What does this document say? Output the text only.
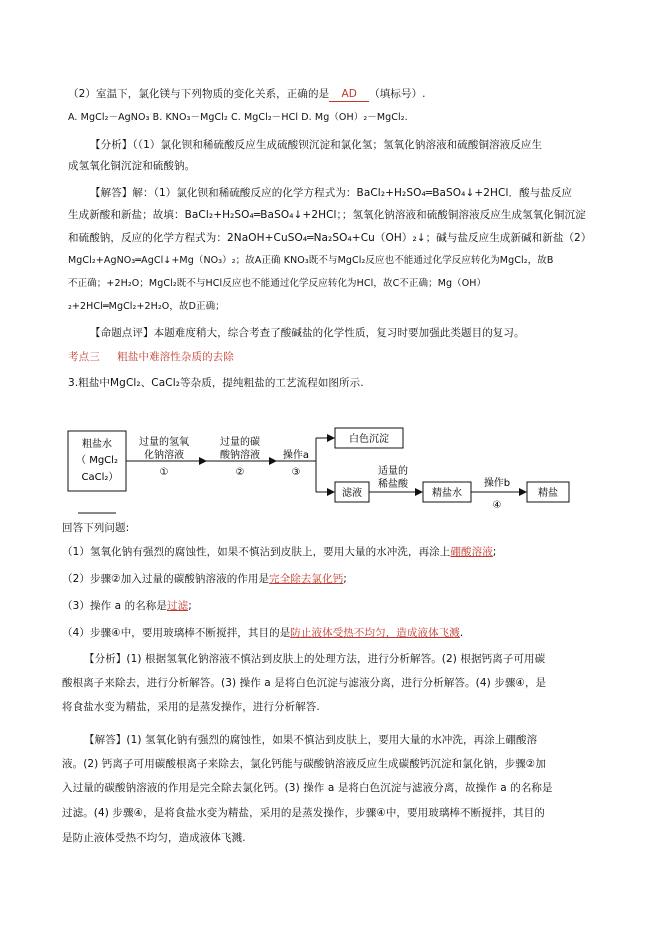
（2）室温下，氯化镁与下列物质的变化关系，正确的是 AD （填标号）.
A. MgCl₂－AgNO₃ B. KNO₃－MgCl₂ C. MgCl₂－HCl D. Mg（OH）₂－MgCl₂.
【分析】（（1）氯化钡和稀硫酸反应生成硫酸钡沉淀和氯化氢；氢氧化钠溶液和硫酸铜溶液反应生
成氢氧化铜沉淀和硫酸钠。
【解答】解：（1）氯化钡和稀硫酸反应的化学方程式为：BaCl₂+H₂SO₄═BaSO₄↓+2HCl．酸与盐反应
生成新酸和新盐；故填：BaCl₂+H₂SO₄═BaSO₄↓+2HCl；；氢氧化钠溶液和硫酸铜溶液反应生成氢氧化铜沉淀
和硫酸钠，反应的化学方程式为：2NaOH+CuSO₄═Na₂SO₄+Cu（OH）₂↓；碱与盐反应生成新碱和新盐（2）
MgCl₂+AgNO₃═AgCl↓+Mg（NO₃）₂；故A正确 KNO₃既不与MgCl₂反应也不能通过化学反应转化为MgCl₂，故B
不正确；+2H₂O；MgCl₂既不与HCl反应也不能通过化学反应转化为HCl，故C不正确；Mg（OH）
₂+2HCl═MgCl₂+2H₂O，故D正确；
【命题点评】本题难度稍大，综合考查了酸碱盐的化学性质，复习时要加强此类题目的复习。
考点三 粗盐中难溶性杂质的去除
3.粗盐中MgCl₂、CaCl₂等杂质，提纯粗盐的工艺流程如图所示.
粗盐水
（ MgCl₂
CaCl₂）
过量的氢氧
化钠溶液
①
过量的碳
酸钠溶液
②
操作a
③
白色沉淀
滤液
适量的
稀盐酸
精盐水
操作b
④
精盐
回答下列问题:
（1）氢氧化钠有强烈的腐蚀性，如果不慎沾到皮肤上，要用大量的水冲洗，再涂上硼酸溶液;
（2）步骤②加入过量的碳酸钠溶液的作用是完全除去氯化钙;
（3）操作 a 的名称是过滤;
（4）步骤④中，要用玻璃棒不断搅拌，其目的是防止液体受热不均匀，造成液体飞溅.
【分析】(1) 根据氢氧化钠溶液不慎沾到皮肤上的处理方法，进行分析解答。(2) 根据钙离子可用碳
酸根离子来除去，进行分析解答。(3) 操作 a 是将白色沉淀与滤液分离，进行分析解答。(4) 步骤④，是
将食盐水变为精盐，采用的是蒸发操作，进行分析解答.
【解答】(1) 氢氧化钠有强烈的腐蚀性，如果不慎沾到皮肤上，要用大量的水冲洗，再涂上硼酸溶
液。(2) 钙离子可用碳酸根离子来除去，氯化钙能与碳酸钠溶液反应生成碳酸钙沉淀和氯化钠，步骤②加
入过量的碳酸钠溶液的作用是完全除去氯化钙。(3) 操作 a 是将白色沉淀与滤液分离，故操作 a 的名称是
过滤。(4) 步骤④，是将食盐水变为精盐，采用的是蒸发操作，步骤④中，要用玻璃棒不断搅拌，其目的
是防止液体受热不均匀，造成液体飞溅.
